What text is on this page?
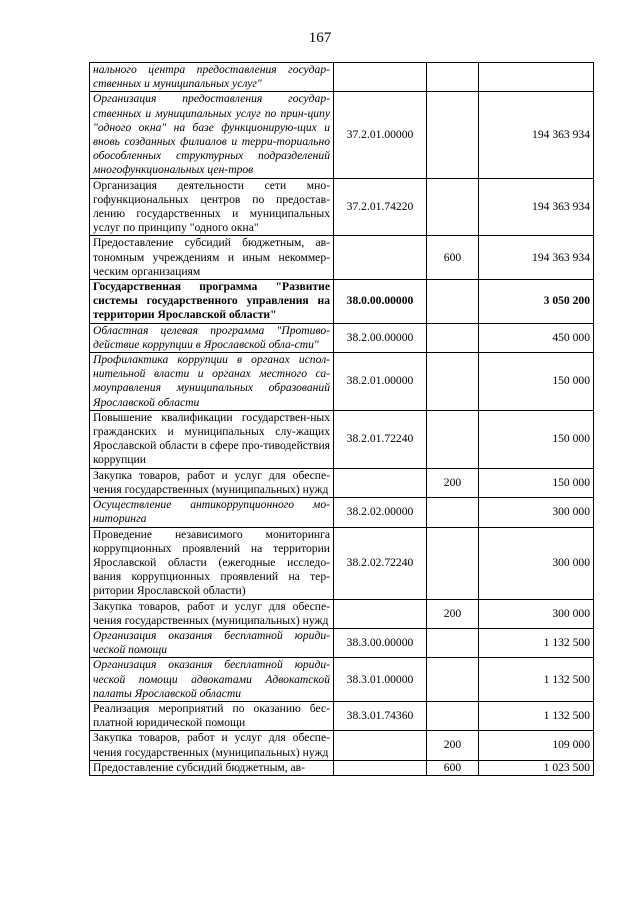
167
нального центра предоставления государ-ственных и муниципальных услуг"			
Организация предоставления государ-ственных и муниципальных услуг по прин-ципу "одного окна" на базе функционирую-щих и вновь созданных филиалов и терри-ториально обособленных структурных подразделений многофункциональных цен-тров	37.2.01.00000		194 363 934
Организация деятельности сети мно-гофункциональных центров по предостав-лению государственных и муниципальных услуг по принципу "одного окна"	37.2.01.74220		194 363 934
Предоставление субсидий бюджетным, ав-тономным учреждениям и иным некоммер-ческим организациям		600	194 363 934
Государственная программа "Развитие системы государственного управления на территории Ярославской области"	38.0.00.00000		3 050 200
Областная целевая программа "Противо-действие коррупции в Ярославской обла-сти"	38.2.00.00000		450 000
Профилактика коррупции в органах испол-нительной власти и органах местного са-моуправления муниципальных образований Ярославской области	38.2.01.00000		150 000
Повышение квалификации государствен-ных гражданских и муниципальных слу-жащих Ярославской области в сфере про-тиводействия коррупции	38.2.01.72240		150 000
Закупка товаров, работ и услуг для обеспе-чения государственных (муниципальных) нужд		200	150 000
Осуществление антикоррупционного мо-ниторинга	38.2.02.00000		300 000
Проведение независимого мониторинга коррупционных проявлений на территории Ярославской области (ежегодные исследо-вания коррупционных проявлений на тер-ритории Ярославской области)	38.2.02.72240		300 000
Закупка товаров, работ и услуг для обеспе-чения государственных (муниципальных) нужд		200	300 000
Организация оказания бесплатной юриди-ческой помощи	38.3.00.00000		1 132 500
Организация оказания бесплатной юриди-ческой помощи адвокатами Адвокатской палаты Ярославской области	38.3.01.00000		1 132 500
Реализация мероприятий по оказанию бес-платной юридической помощи	38.3.01.74360		1 132 500
Закупка товаров, работ и услуг для обеспе-чения государственных (муниципальных) нужд		200	109 000
Предоставление субсидий бюджетным, ав-		600	1 023 500
